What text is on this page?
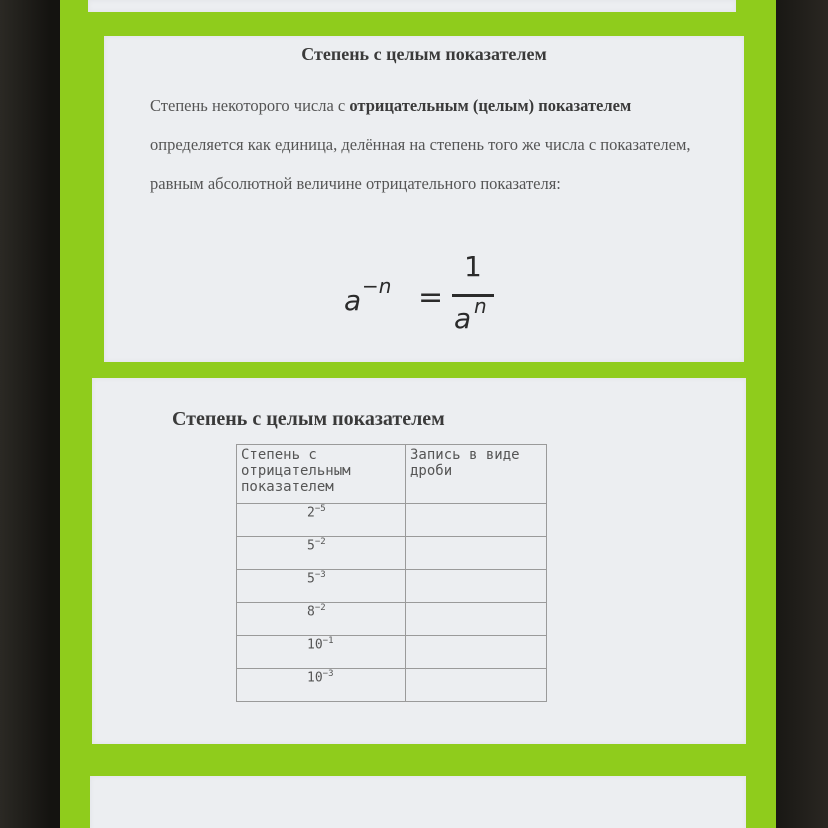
Степень с целым показателем
Степень некоторого числа с отрицательным (целым) показателем определяется как единица, делённая на степень того же числа с показателем, равным абсолютной величине отрицательного показателя:
a −n =
1
a n
Степень с целым показателем
Степень с отрицательным показателем	Запись в виде дроби
$2^{-5}$	
$5^{-2}$	
$5^{-3}$	
$8^{-2}$	
$10^{-1}$	
$10^{-3}$	
